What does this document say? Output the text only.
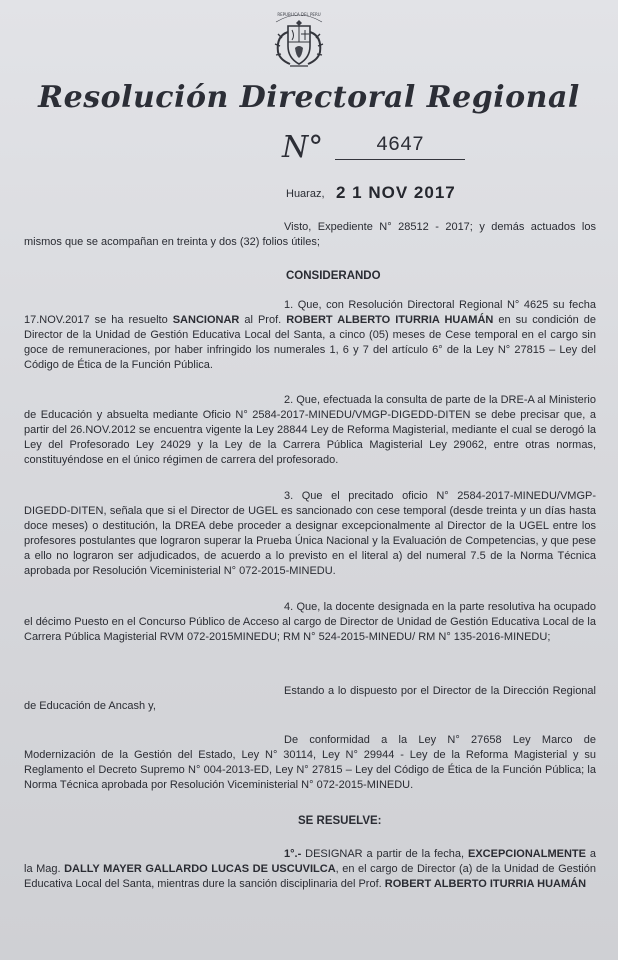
REPUBLICA DEL PERU
Resolución Directoral Regional
N°	4647
Huaraz, 2 1 NOV 2017

Visto, Expediente N° 28512 - 2017; y demás actuados los mismos que se acompañan en treinta y dos (32) folios útiles;

CONSIDERANDO

1. Que, con Resolución Directoral Regional N° 4625 su fecha 17.NOV.2017 se ha resuelto SANCIONAR al Prof. ROBERT ALBERTO ITURRIA HUAMÁN en su condición de Director de la Unidad de Gestión Educativa Local del Santa, a cinco (05) meses de Cese temporal en el cargo sin goce de remuneraciones, por haber infringido los numerales 1, 6 y 7 del artículo 6° de la Ley N° 27815 – Ley del Código de Ética de la Función Pública.

2. Que, efectuada la consulta de parte de la DRE-A al Ministerio de Educación y absuelta mediante Oficio N° 2584-2017-MINEDU/VMGP-DIGEDD-DITEN se debe precisar que, a partir del 26.NOV.2012 se encuentra vigente la Ley 28844 Ley de Reforma Magisterial, mediante el cual se derogó la Ley del Profesorado Ley 24029 y la Ley de la Carrera Pública Magisterial Ley 29062, entre otras normas, constituyéndose en el único régimen de carrera del profesorado.

3. Que el precitado oficio N° 2584-2017-MINEDU/VMGP-DIGEDD-DITEN, señala que si el Director de UGEL es sancionado con cese temporal (desde treinta y un días hasta doce meses) o destitución, la DREA debe proceder a designar excepcionalmente al Director de la UGEL entre los profesores postulantes que lograron superar la Prueba Única Nacional y la Evaluación de Competencias, y que pese a ello no lograron ser adjudicados, de acuerdo a lo previsto en el literal a) del numeral 7.5 de la Norma Técnica aprobada por Resolución Viceministerial N° 072-2015-MINEDU.

4. Que, la docente designada en la parte resolutiva ha ocupado el décimo Puesto en el Concurso Público de Acceso al cargo de Director de Unidad de Gestión Educativa Local de la Carrera Pública Magisterial RVM 072-2015MINEDU; RM N° 524-2015-MINEDU/ RM N° 135-2016-MINEDU;

Estando a lo dispuesto por el Director de la Dirección Regional de Educación de Ancash y,

De conformidad a la Ley N° 27658 Ley Marco de Modernización de la Gestión del Estado, Ley N° 30114, Ley N° 29944 - Ley de la Reforma Magisterial y su Reglamento el Decreto Supremo N° 004-2013-ED, Ley N° 27815 – Ley del Código de Ética de la Función Pública; la Norma Técnica aprobada por Resolución Viceministerial N° 072-2015-MINEDU.

SE RESUELVE:

1°.- DESIGNAR a partir de la fecha, EXCEPCIONALMENTE a la Mag. DALLY MAYER GALLARDO LUCAS DE USCUVILCA, en el cargo de Director (a) de la Unidad de Gestión Educativa Local del Santa, mientras dure la sanción disciplinaria del Prof. ROBERT ALBERTO ITURRIA HUAMÁN
